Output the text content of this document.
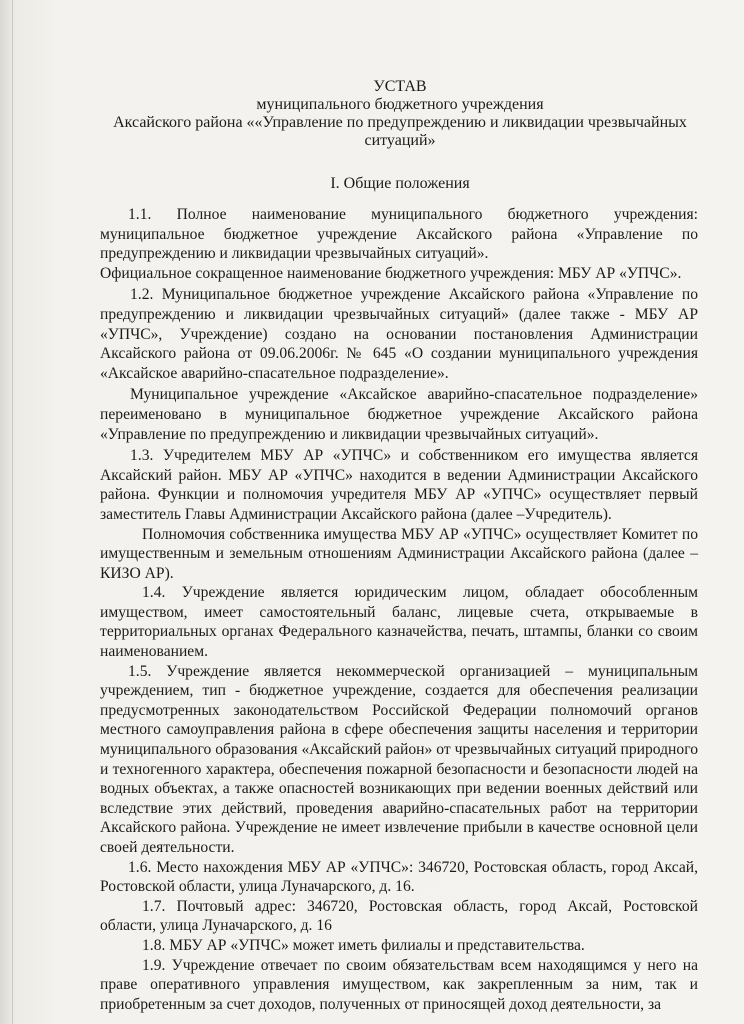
УСТАВ
муниципального бюджетного учреждения
Аксайского района ««Управление по предупреждению и ликвидации чрезвычайных
ситуаций»
I. Общие положения

1.1. Полное наименование муниципального бюджетного учреждения: муниципальное бюджетное учреждение Аксайского района «Управление по предупреждению и ликвидации чрезвычайных ситуаций».

Официальное сокращенное наименование бюджетного учреждения: МБУ АР «УПЧС».

1.2. Муниципальное бюджетное учреждение Аксайского района «Управление по предупреждению и ликвидации чрезвычайных ситуаций» (далее также - МБУ АР «УПЧС», Учреждение) создано на основании постановления Администрации Аксайского района от 09.06.2006г. № 645 «О создании муниципального учреждения «Аксайское аварийно-спасательное подразделение».

Муниципальное учреждение «Аксайское аварийно-спасательное подразделение» переименовано в муниципальное бюджетное учреждение Аксайского района «Управление по предупреждению и ликвидации чрезвычайных ситуаций».

1.3. Учредителем МБУ АР «УПЧС» и собственником его имущества является Аксайский район. МБУ АР «УПЧС» находится в ведении Администрации Аксайского района. Функции и полномочия учредителя МБУ АР «УПЧС» осуществляет первый заместитель Главы Администрации Аксайского района (далее –Учредитель).

Полномочия собственника имущества МБУ АР «УПЧС» осуществляет Комитет по имущественным и земельным отношениям Администрации Аксайского района (далее – КИЗО АР).

1.4. Учреждение является юридическим лицом, обладает обособленным имуществом, имеет самостоятельный баланс, лицевые счета, открываемые в территориальных органах Федерального казначейства, печать, штампы, бланки со своим наименованием.

1.5. Учреждение является некоммерческой организацией – муниципальным учреждением, тип - бюджетное учреждение, создается для обеспечения реализации предусмотренных законодательством Российской Федерации полномочий органов местного самоуправления района в сфере обеспечения защиты населения и территории муниципального образования «Аксайский район» от чрезвычайных ситуаций природного и техногенного характера, обеспечения пожарной безопасности и безопасности людей на водных объектах, а также опасностей возникающих при ведении военных действий или вследствие этих действий, проведения аварийно-спасательных работ на территории Аксайского района. Учреждение не имеет извлечение прибыли в качестве основной цели своей деятельности.

1.6. Место нахождения МБУ АР «УПЧС»: 346720, Ростовская область, город Аксай, Ростовской области, улица Луначарского, д. 16.

1.7. Почтовый адрес: 346720, Ростовская область, город Аксай, Ростовской области, улица Луначарского, д. 16

1.8. МБУ АР «УПЧС» может иметь филиалы и представительства.

1.9. Учреждение отвечает по своим обязательствам всем находящимся у него на праве оперативного управления имуществом, как закрепленным за ним, так и приобретенным за счет доходов, полученных от приносящей доход деятельности, за
